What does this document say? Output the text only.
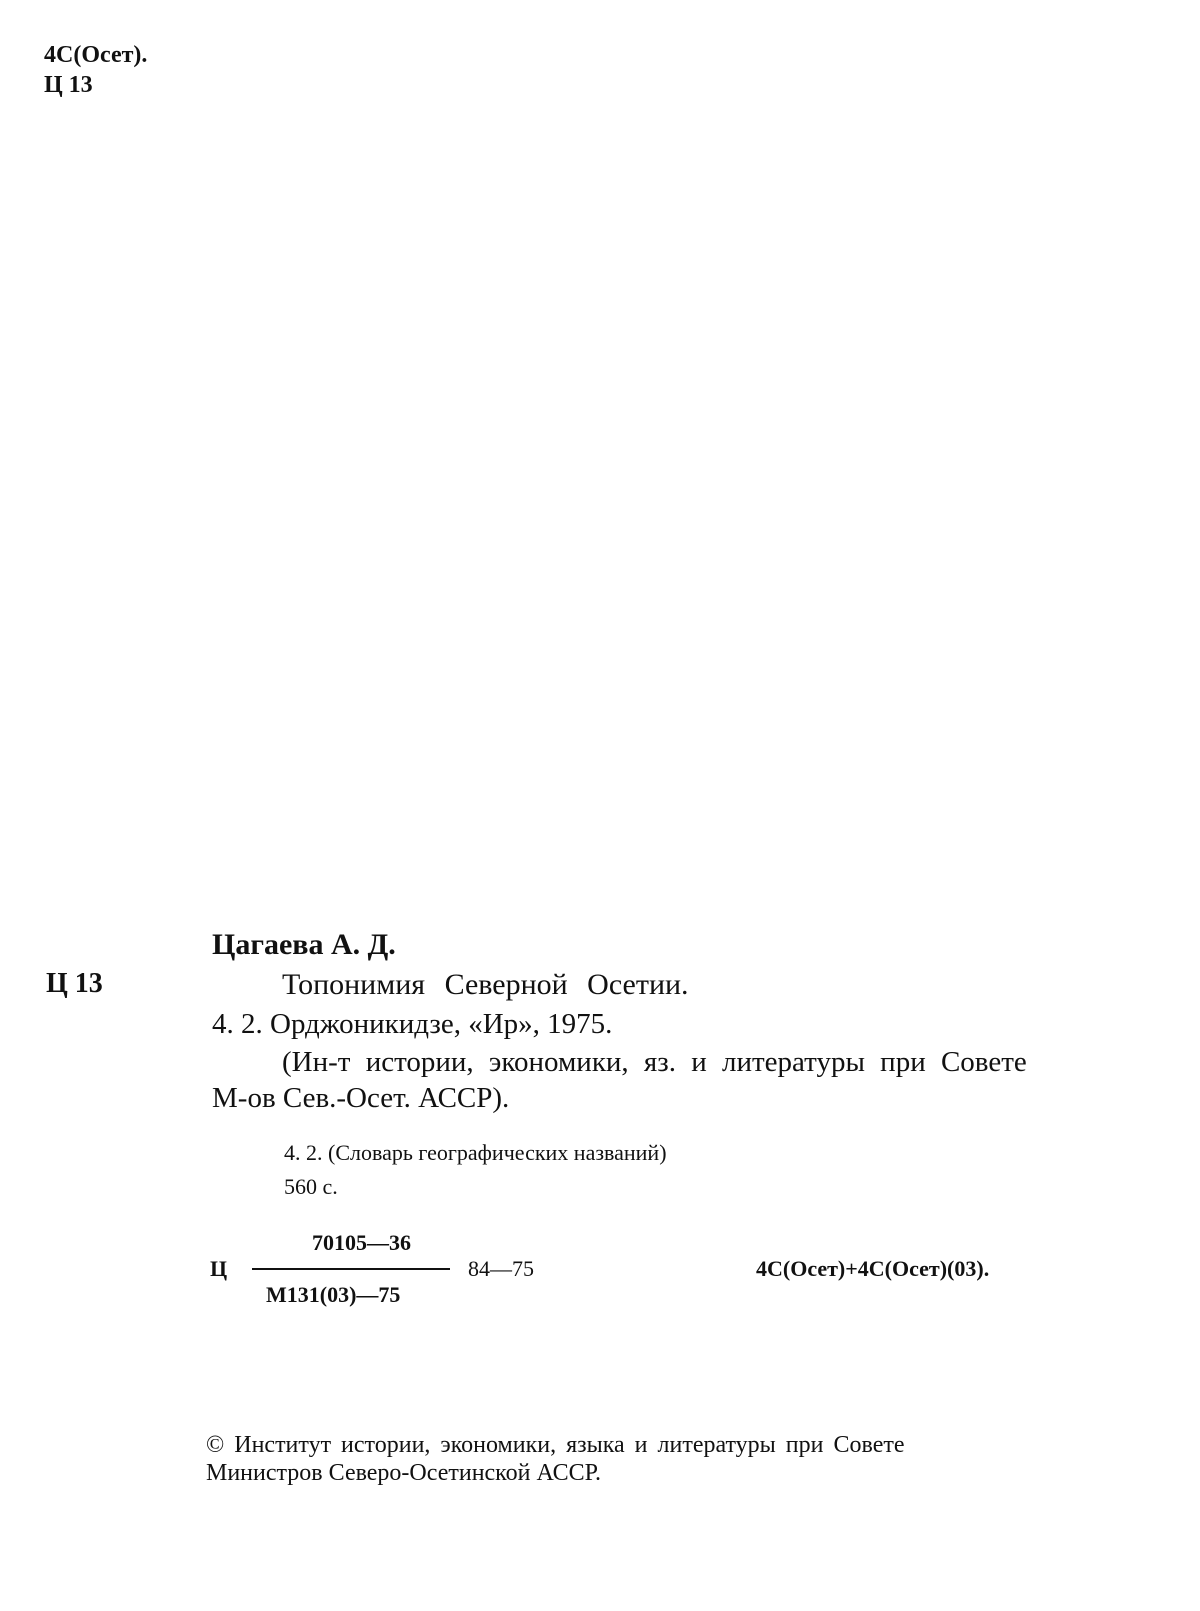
4С(Осет).
Ц 13
Ц 13
Цагаева А. Д.
Топонимия Северной Осетии.
4. 2. Орджоникидзе, «Ир», 1975.
(Ин-т истории, экономики, яз. и литературы при Совете
М-ов Сев.-Осет. АССР).
4. 2. (Словарь географических названий)
560 с.
Ц
70105—36
М131(03)—75
84—75	4С(Осет)+4С(Осет)(03).
© Институт истории, экономики, языка и литературы при Совете
Министров Северо-Осетинской АССР.
